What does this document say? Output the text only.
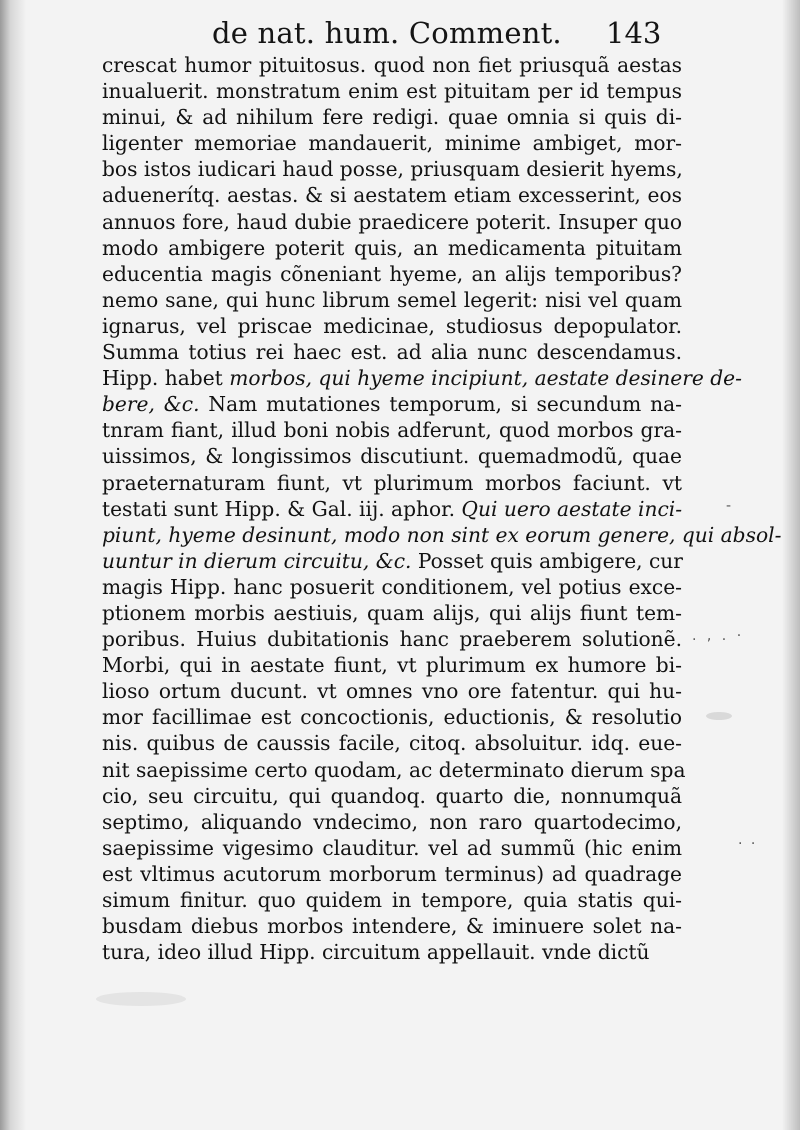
de nat. hum. Comment. 143
crescat humor pituitosus. quod non fiet priusquã aestas
inualuerit. monstratum enim est pituitam per id tempus
minui, & ad nihilum fere redigi. quae omnia si quis di-
ligenter memoriae mandauerit, minime ambiget, mor-
bos istos iudicari haud posse, priusquam desierit hyems,
aduenerítq. aestas. & si aestatem etiam excesserint, eos
annuos fore, haud dubie praedicere poterit. Insuper quo
modo ambigere poterit quis, an medicamenta pituitam
educentia magis cõneniant hyeme, an alijs temporibus?
nemo sane, qui hunc librum semel legerit: nisi vel quam
ignarus, vel priscae medicinae, studiosus depopulator.
Summa totius rei haec est. ad alia nunc descendamus.
Hipp. habet morbos, qui hyeme incipiunt, aestate desinere de-
bere, &c. Nam mutationes temporum, si secundum na-
tnram fiant, illud boni nobis adferunt, quod morbos gra-
uissimos, & longissimos discutiunt. quemadmodũ, quae
praeternaturam fiunt, vt plurimum morbos faciunt. vt
testati sunt Hipp. & Gal. iij. aphor. Qui uero aestate inci-
piunt, hyeme desinunt, modo non sint ex eorum genere, qui absol-
uuntur in dierum circuitu, &c. Posset quis ambigere, cur
magis Hipp. hanc posuerit conditionem, vel potius excе-
ptionem morbis aestiuis, quam alijs, qui alijs fiunt tem-
poribus. Huius dubitationis hanc praeberem solutionẽ.
Morbi, qui in aestate fiunt, vt plurimum ex humore bi-
lioso ortum ducunt. vt omnes vno ore fatentur. qui hu-
mor facillimae est concoctionis, eductionis, & resolutio
nis. quibus de caussis facile, citoq. absoluitur. idq. eue-
nit saepissime certo quodam, ac determinato dierum spa
cio, seu circuitu, qui quandoq. quarto die, nonnumquã
septimo, aliquando vndecimo, non raro quartodecimo,
saepissime vigesimo clauditur. vel ad summũ (hic enim
est vltimus acutorum morborum terminus) ad quadrage
simum finitur. quo quidem in tempore, quia statis qui-
busdam diebus morbos intendere, & iminuere solet na-
tura, ideo illud Hipp. circuitum appellauit. vnde dictũ
-
. , . ·
· ·
